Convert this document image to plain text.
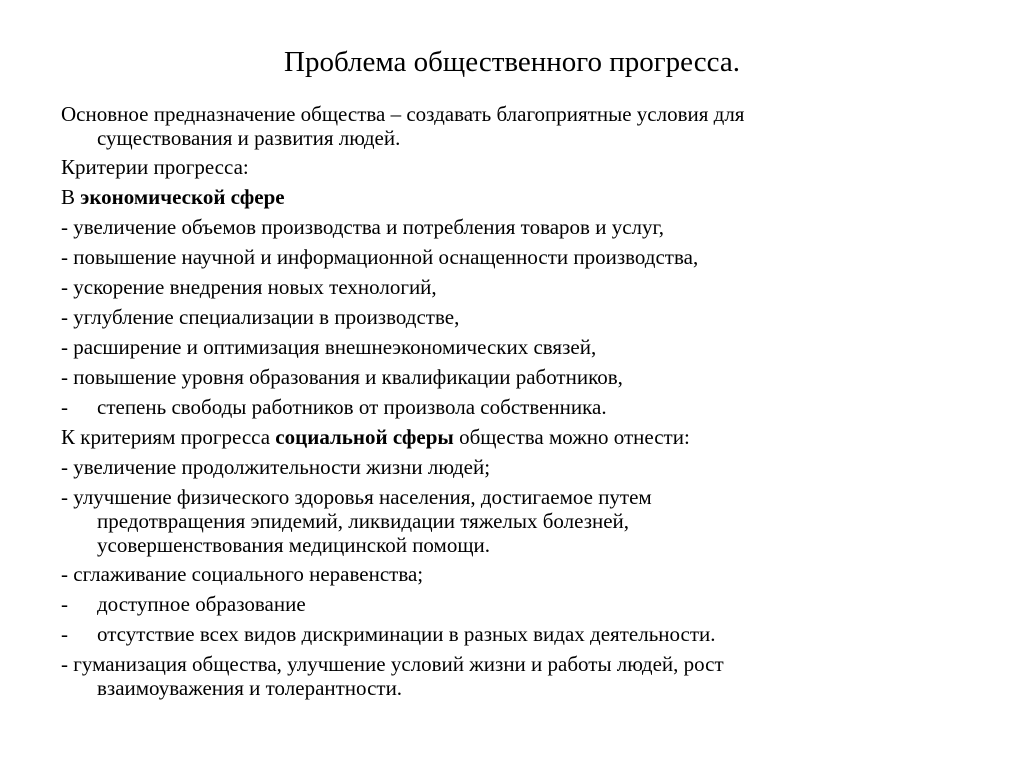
Проблема общественного прогресса.
Основное предназначение общества – создавать благоприятные условия для
существования и развития людей.
Критерии прогресса:
В экономической сфере
- увеличение объемов производства и потребления товаров и услуг,
- повышение научной и информационной оснащенности производства,
- ускорение внедрения новых технологий,
- углубление специализации в производстве,
- расширение и оптимизация внешнеэкономических связей,
- повышение уровня образования и квалификации работников,
- степень свободы работников от произвола собственника.
К критериям прогресса социальной сферы общества можно отнести:
- увеличение продолжительности жизни людей;
- улучшение физического здоровья населения, достигаемое путем
предотвращения эпидемий, ликвидации тяжелых болезней,
усовершенствования медицинской помощи.
- сглаживание социального неравенства;
- доступное образование
- отсутствие всех видов дискриминации в разных видах деятельности.
- гуманизация общества, улучшение условий жизни и работы людей, рост
взаимоуважения и толерантности.
